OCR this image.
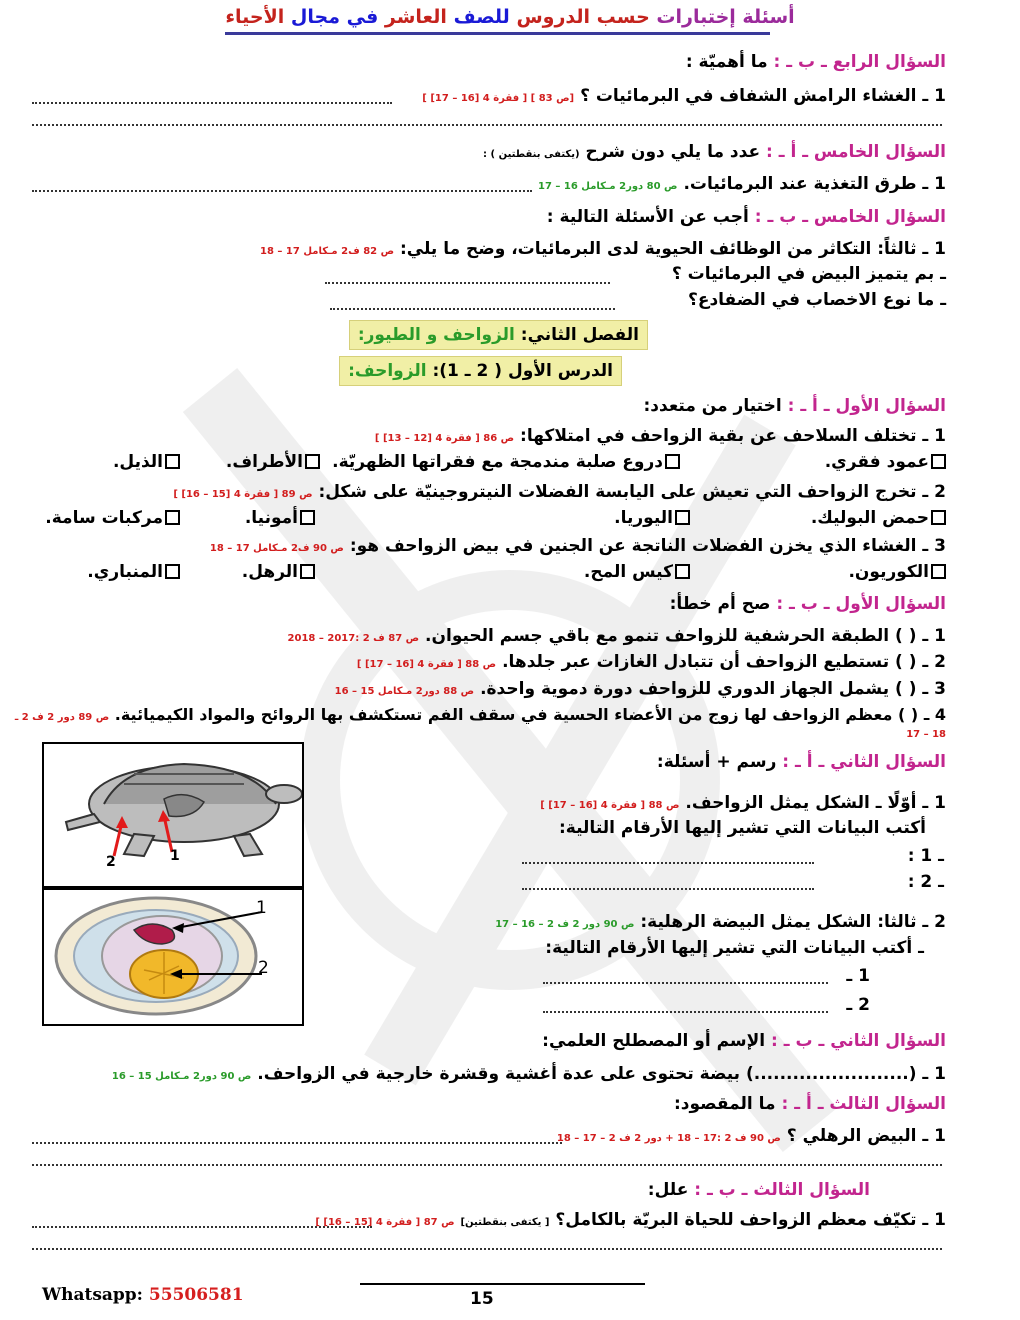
أسئلة إختبارات حسب الدروس للصف العاشر في مجال الأحياء
السؤال الرابع ـ ب ـ : ما أهميّة :
1 ـ الغشاء الرامش الشفاف في البرمائيات ؟ [ص 83 ] [ فقرة 4 [16 – 17] ]
السؤال الخامس ـ أ ـ : عدد ما يلي دون شرح (يكتفى بنقطتين ) :
1 ـ طرق التغذية عند البرمائيات. ص 80 دور2 مـكامل 16 – 17
السؤال الخامس ـ ب ـ : أجب عن الأسئلة التالية :
1 ـ ثالثاً: التكاثر من الوظائف الحيوية لدى البرمائيات، وضح ما يلي: ص 82 ف2 مـكامل 17 – 18
ـ بم يتميز البيض في البرمائيات ؟
ـ ما نوع الاخصاب في الضفادع؟
الفصل الثاني: الزواحف و الطيور:
الدرس الأول ( 2 ـ 1): الزواحف:
السؤال الأول ـ أ ـ : اختيار من متعدد:
1 ـ تختلف السلاحف عن بقية الزواحف في امتلاكها: ص 86 [ فقرة 4 [12 – 13] ]
عمود فقري.
دروع صلبة مندمجة مع فقراتها الظهريّة.
الأطراف.
الذيل.
2 ـ تخرج الزواحف التي تعيش على اليابسة الفضلات النيتروجينيّة على شكل: ص 89 [ فقرة 4 [15 – 16] ]
حمض البوليك.
اليوريا.
أمونيا.
مركبات سامة.
3 ـ الغشاء الذي يخزن الفضلات الناتجة عن الجنين في بيض الزواحف هو: ص 90 ف2 مـكامل 17 – 18
الكوريون.
كيس المح.
الرهل.
المنباري.
السؤال الأول ـ ب ـ : صح أم خطأ:
1 ـ ( ) الطبقة الحرشفية للزواحف تنمو مع باقي جسم الحيوان. ص 87 ف 2 :2017 – 2018
2 ـ ( ) تستطيع الزواحف أن تتبادل الغازات عبر جلدها. ص 88 [ فقرة 4 [16 – 17] ]
3 ـ ( ) يشمل الجهاز الدوري للزواحف دورة دموية واحدة. ص 88 دور2 مـكامل 15 – 16
4 ـ ( ) معظم الزواحف لها زوج من الأعضاء الحسية في سقف الفم تستكشف بها الروائح والمواد الكيميائية. ص 89 دور 2 ف 2 ـ
17 – 18
2	1
1
2
السؤال الثاني ـ أ ـ : رسم + أسئلة:
1 ـ أوّلًا ـ الشكل يمثل الزواحف. ص 88 [ فقرة 4 [16 – 17] ]
أكتب البيانات التي تشير إليها الأرقام التالية:
ـ 1 :
ـ 2 :
2 ـ ثالثا: الشكل يمثل البيضة الرهلية: ص 90 دور 2 ف 2 – 16 – 17
ـ أكتب البيانات التي تشير إليها الأرقام التالية:
1 ـ
2 ـ
السؤال الثاني ـ ب ـ : الإسم أو المصطلح العلمي:
1 ـ (........................) بيضة تحتوى على عدة أغشية وقشرة خارجية في الزواحف. ص 90 دور2 مـكامل 15 – 16
السؤال الثالث ـ أ ـ : ما المقصود:
1 ـ البيض الرهلي ؟ ص 90 ف 2 :17 – 18 + دور 2 ف 2 – 17 – 18
السؤال الثالث ـ ب ـ : علل:
1 ـ تكيّف معظم الزواحف للحياة البريّة بالكامل؟ [ يكتفى بنقطتين] ص 87 [ فقرة 4 [15 – 16] ]
Whatsapp: 55506581	15
